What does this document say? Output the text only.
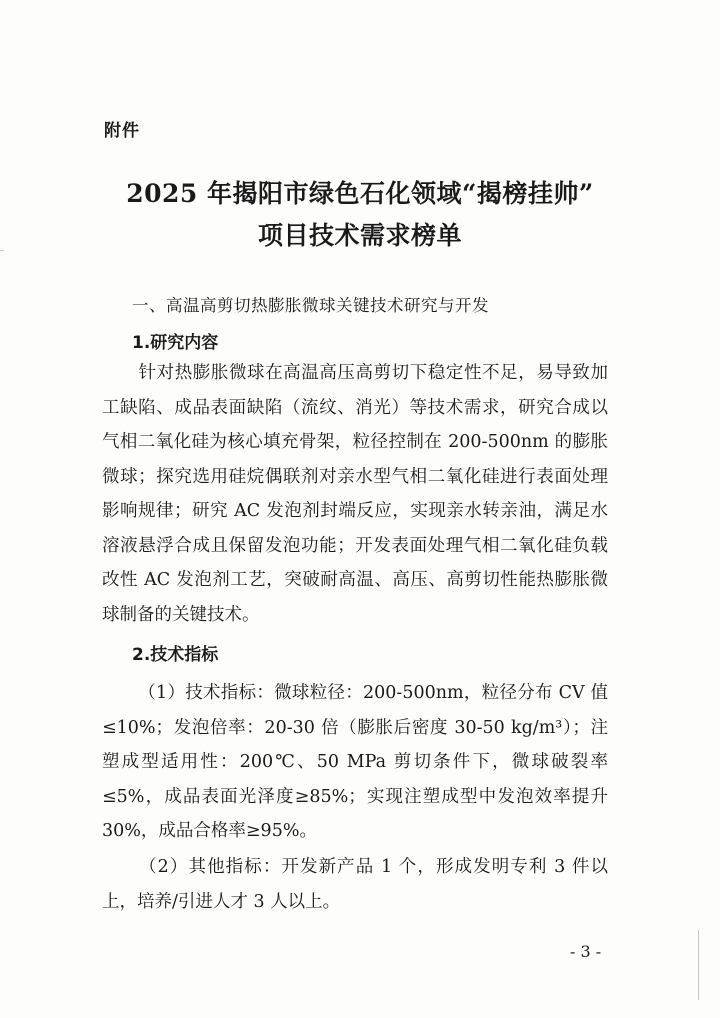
附件
2025 年揭阳市绿色石化领域“揭榜挂帅”
项目技术需求榜单
一、高温高剪切热膨胀微球关键技术研究与开发
1.研究内容
针对热膨胀微球在高温高压高剪切下稳定性不足，易导致加工缺陷、成品表面缺陷（流纹、消光）等技术需求，研究合成以气相二氧化硅为核心填充骨架，粒径控制在 200-500nm 的膨胀微球；探究选用硅烷偶联剂对亲水型气相二氧化硅进行表面处理影响规律；研究 AC 发泡剂封端反应，实现亲水转亲油，满足水溶液悬浮合成且保留发泡功能；开发表面处理气相二氧化硅负载改性 AC 发泡剂工艺，突破耐高温、高压、高剪切性能热膨胀微球制备的关键技术。
2.技术指标
（1）技术指标：微球粒径：200-500nm，粒径分布 CV 值≤10%；发泡倍率：20-30 倍（膨胀后密度 30-50 kg/m³）；注塑成型适用性：200℃、50 MPa 剪切条件下，微球破裂率≤5%，成品表面光泽度≥85%；实现注塑成型中发泡效率提升 30%，成品合格率≥95%。
（2）其他指标：开发新产品 1 个，形成发明专利 3 件以上，培养/引进人才 3 人以上。
- 3 -
